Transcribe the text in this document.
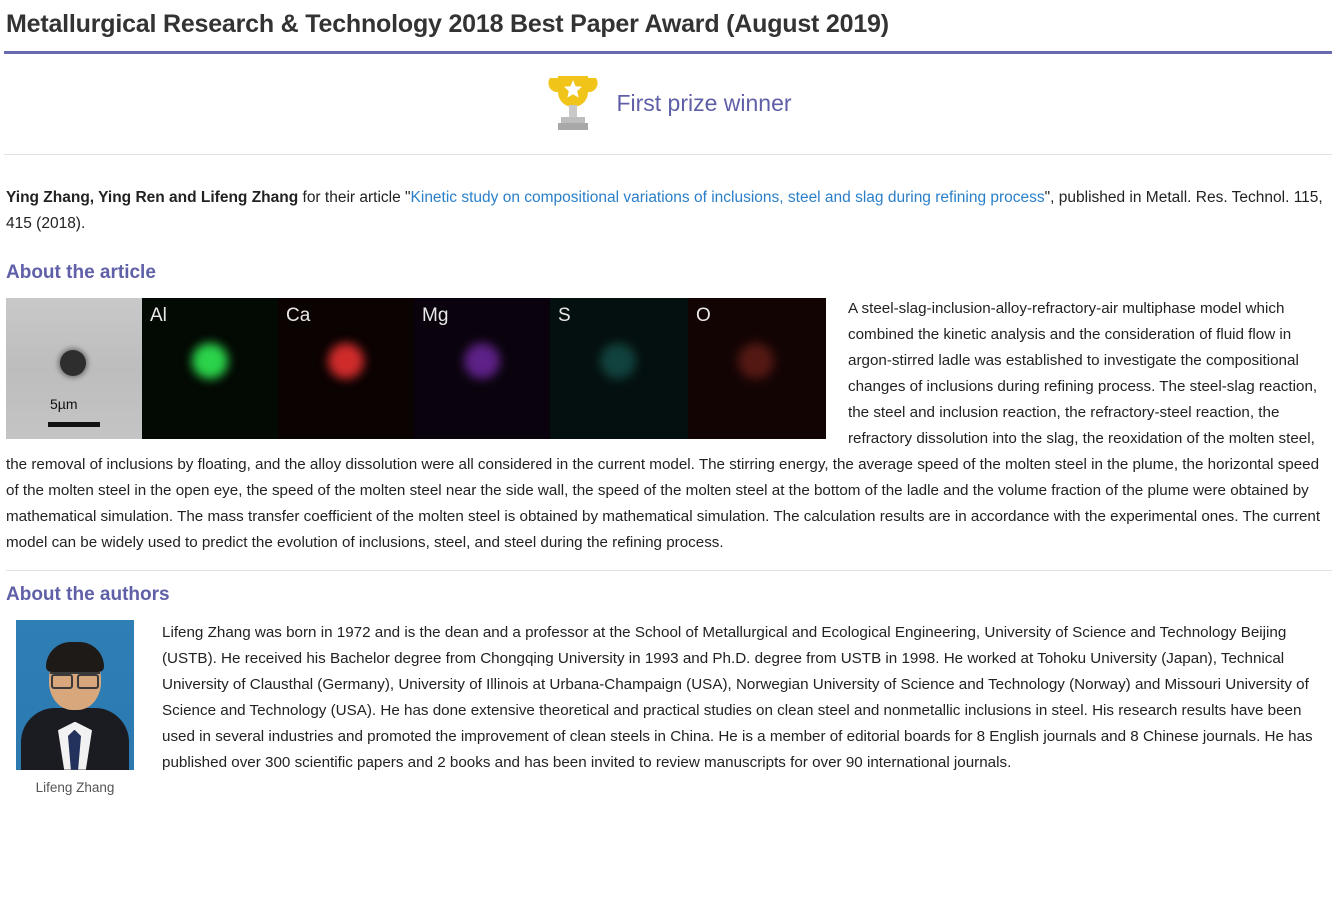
Metallurgical Research & Technology 2018 Best Paper Award (August 2019)
First prize winner

Ying Zhang, Ying Ren and Lifeng Zhang for their article "Kinetic study on compositional variations of inclusions, steel and slag during refining process", published in Metall. Res. Technol. 115, 415 (2018).

About the article
5µm
Al	Ca	Mg	S	O	A steel-slag-inclusion-alloy-refractory-air multiphase model which combined the kinetic analysis and the consideration of fluid flow in argon-stirred ladle was established to investigate the compositional changes of inclusions during refining process. The steel-slag reaction, the steel and inclusion reaction, the refractory-steel reaction, the refractory dissolution into the slag, the reoxidation of the molten steel, the removal of inclusions by floating, and the alloy dissolution were all considered in the current model. The stirring energy, the average speed of the molten steel in the plume, the horizontal speed of the molten steel in the open eye, the speed of the molten steel near the side wall, the speed of the molten steel at the bottom of the ladle and the volume fraction of the plume were obtained by mathematical simulation. The mass transfer coefficient of the molten steel is obtained by mathematical simulation. The calculation results are in accordance with the experimental ones. The current model can be widely used to predict the evolution of inclusions, steel, and steel during the refining process.
About the authors
Lifeng Zhang
Lifeng Zhang was born in 1972 and is the dean and a professor at the School of Metallurgical and Ecological Engineering, University of Science and Technology Beijing (USTB). He received his Bachelor degree from Chongqing University in 1993 and Ph.D. degree from USTB in 1998. He worked at Tohoku University (Japan), Technical University of Clausthal (Germany), University of Illinois at Urbana-Champaign (USA), Norwegian University of Science and Technology (Norway) and Missouri University of Science and Technology (USA). He has done extensive theoretical and practical studies on clean steel and nonmetallic inclusions in steel. His research results have been used in several industries and promoted the improvement of clean steels in China. He is a member of editorial boards for 8 English journals and 8 Chinese journals. He has published over 300 scientific papers and 2 books and has been invited to review manuscripts for over 90 international journals.
